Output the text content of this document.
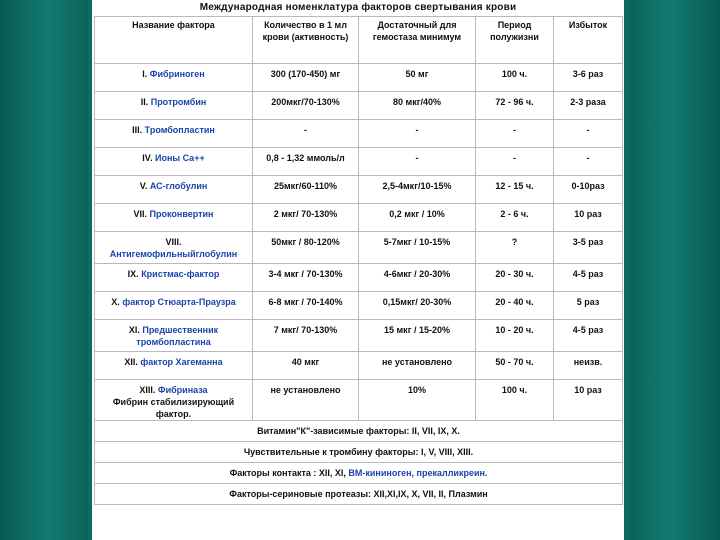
Международная номенклатура факторов свертывания крови
Название фактора	Количество в 1 мл крови (активность)	Достаточный для гемостаза минимум	Период полужизни	Избыток
I. Фибриноген	300 (170-450) мг	50 мг	100 ч.	3-6 раз
II. Протромбин	200мкг/70-130%	80 мкг/40%	72 - 96 ч.	2-3 раза
III. Тромбопластин	-	-	-	-
IV. Ионы Са++	0,8 - 1,32 ммоль/л	-	-	-
V. АС-глобулин	25мкг/60-110%	2,5-4мкг/10-15%	12 - 15 ч.	0-10раз
VII. Проконвертин	2 мкг/ 70-130%	0,2 мкг / 10%	2 - 6 ч.	10 раз
VIII.
Антигемофильныйглобулин	50мкг / 80-120%	5-7мкг / 10-15%	?	3-5 раз
IX. Кристмас-фактор	3-4 мкг / 70-130%	4-6мкг / 20-30%	20 - 30 ч.	4-5 раз
X. фактор Стюарта-Праузра	6-8 мкг / 70-140%	0,15мкг/ 20-30%	20 - 40 ч.	5 раз
XI. Предшественник тромбопластина	7 мкг/ 70-130%	15 мкг / 15-20%	10 - 20 ч.	4-5 раз
XII. фактор Хагеманна	40 мкг	не установлено	50 - 70 ч.	неизв.
XIII. Фибриназа
Фибрин стабилизирующий фактор.	не установлено	10%	100 ч.	10 раз
Витамин"К"-зависимые факторы: II, VII, IX, X.				
Чувствительные к тромбину факторы: I, V, VIII, XIII.				
Факторы контакта : XII, XI, ВМ-кининоген, прекалликреин.				
Факторы-сериновые протеазы: XII,XI,IX, X, VII, II, Плазмин				
